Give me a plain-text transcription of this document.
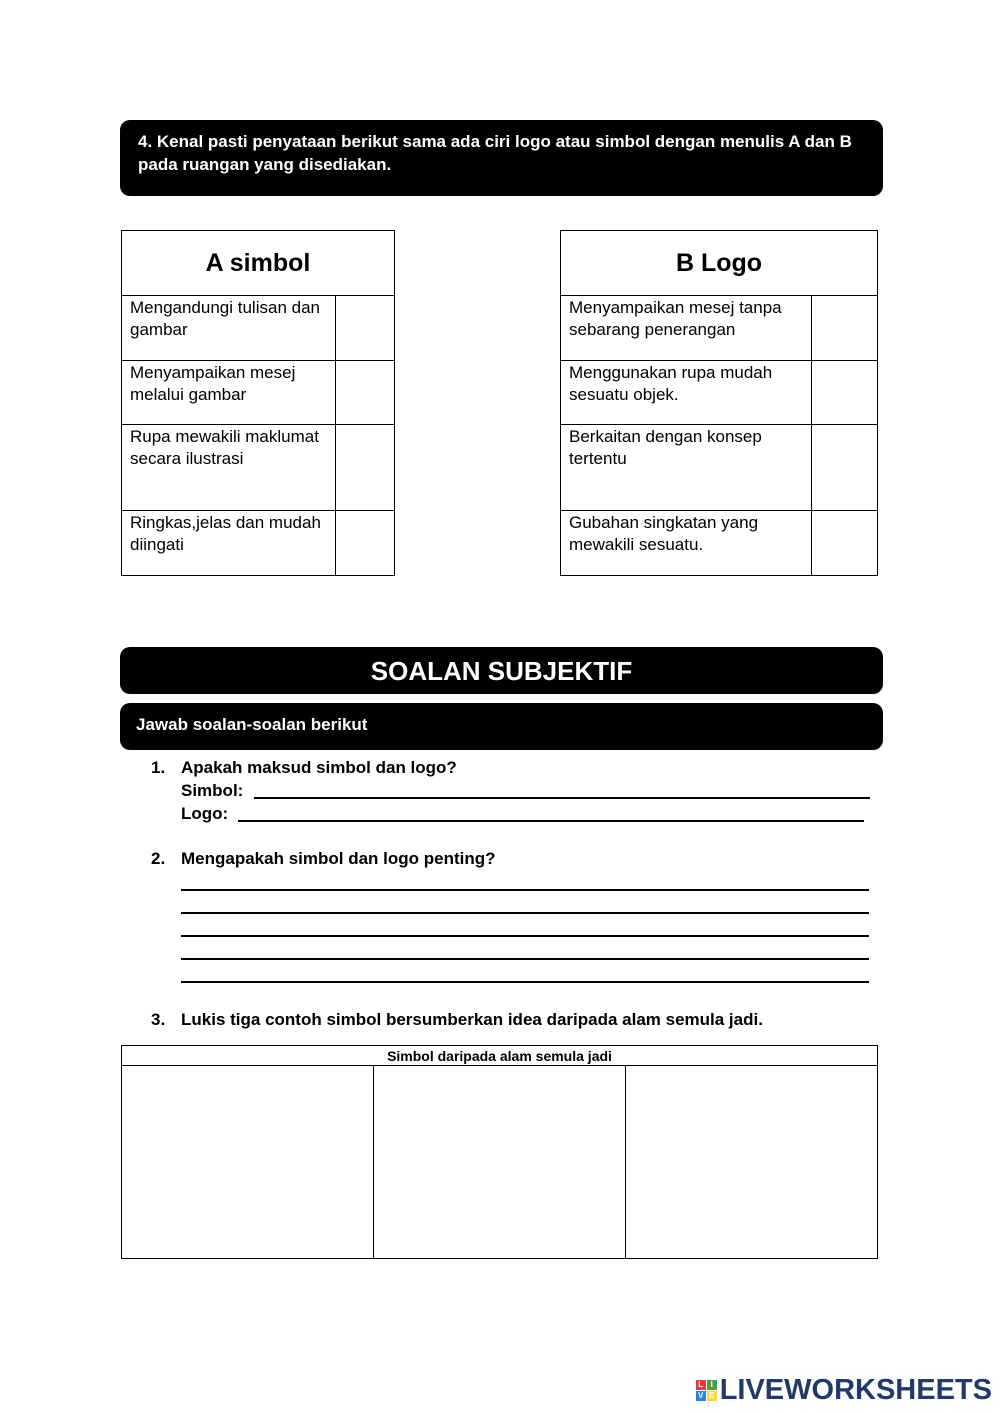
4. Kenal pasti penyataan berikut sama ada ciri logo atau simbol dengan menulis A dan B pada ruangan yang disediakan.
A simbol	
Mengandungi tulisan dan gambar	
Menyampaikan mesej melalui gambar	
Rupa mewakili maklumat secara ilustrasi	
Ringkas,jelas dan mudah diingati	
B Logo	
Menyampaikan mesej tanpa sebarang penerangan	
Menggunakan rupa mudah sesuatu objek.	
Berkaitan dengan konsep tertentu	
Gubahan singkatan yang mewakili sesuatu.	
SOALAN SUBJEKTIF
Jawab soalan-soalan berikut
1. Apakah maksud simbol dan logo?
Simbol:
Logo:
2. Mengapakah simbol dan logo penting?
3. Lukis tiga contoh simbol bersumberkan idea daripada alam semula jadi.
Simbol daripada alam semula jadi

L I
V E LIVEWORKSHEETS
